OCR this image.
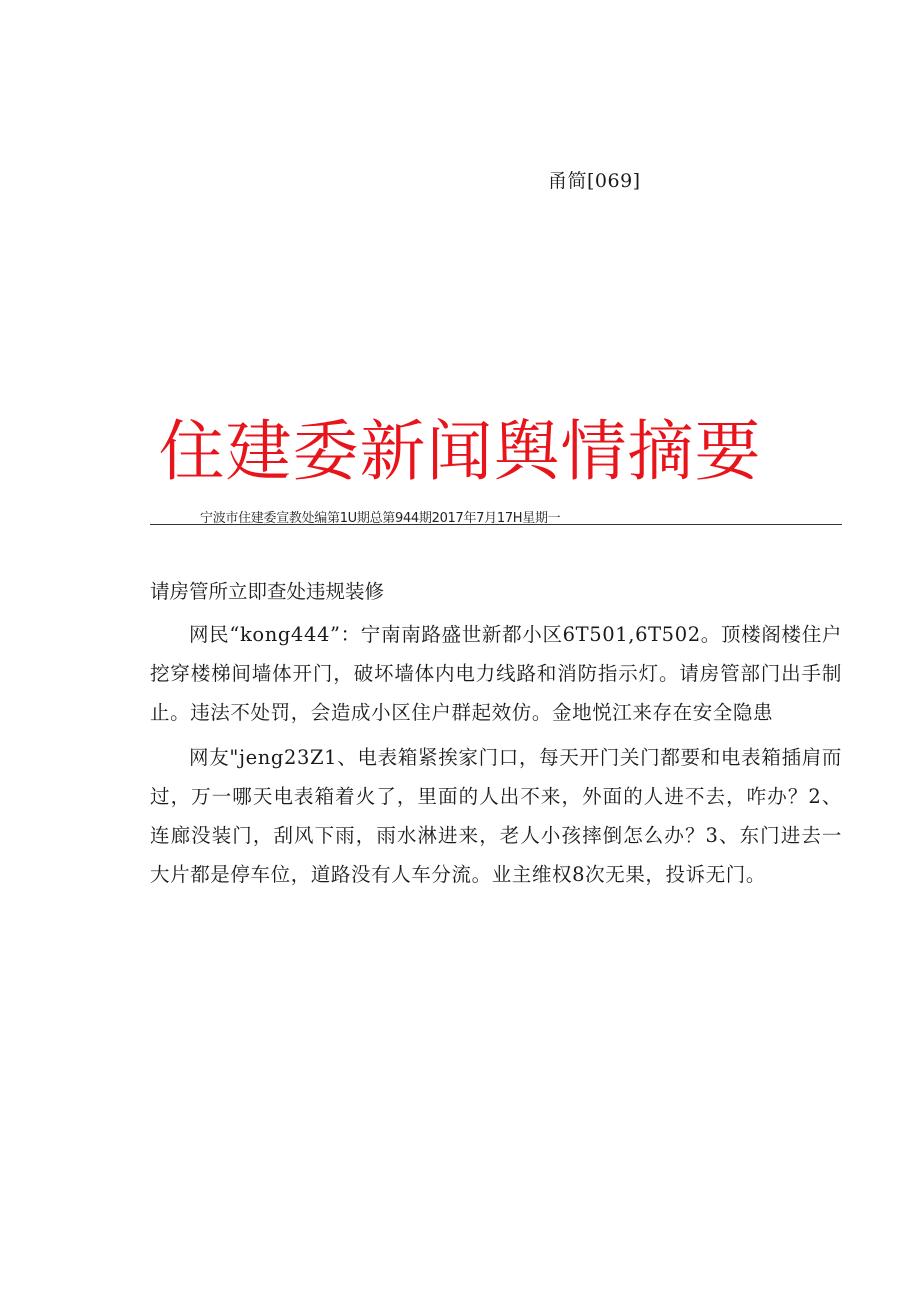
甬简[069]
住建委新闻舆情摘要
宁波市住建委宣教处编第1U期总第944期2017年7月17H星期一
请房管所立即查处违规装修

网民“kong444”：宁南南路盛世新都小区6T501,6T502。顶楼阁楼住户挖穿楼梯间墙体开门，破坏墙体内电力线路和消防指示灯。请房管部门出手制止。违法不处罚，会造成小区住户群起效仿。金地悦江来存在安全隐患

网友"jeng23Z1、电表箱紧挨家门口，每天开门关门都要和电表箱插肩而过，万一哪天电表箱着火了，里面的人出不来，外面的人进不去，咋办？2、连廊没装门，刮风下雨，雨水淋进来，老人小孩摔倒怎么办？3、东门进去一大片都是停车位，道路没有人车分流。业主维权8次无果，投诉无门。
